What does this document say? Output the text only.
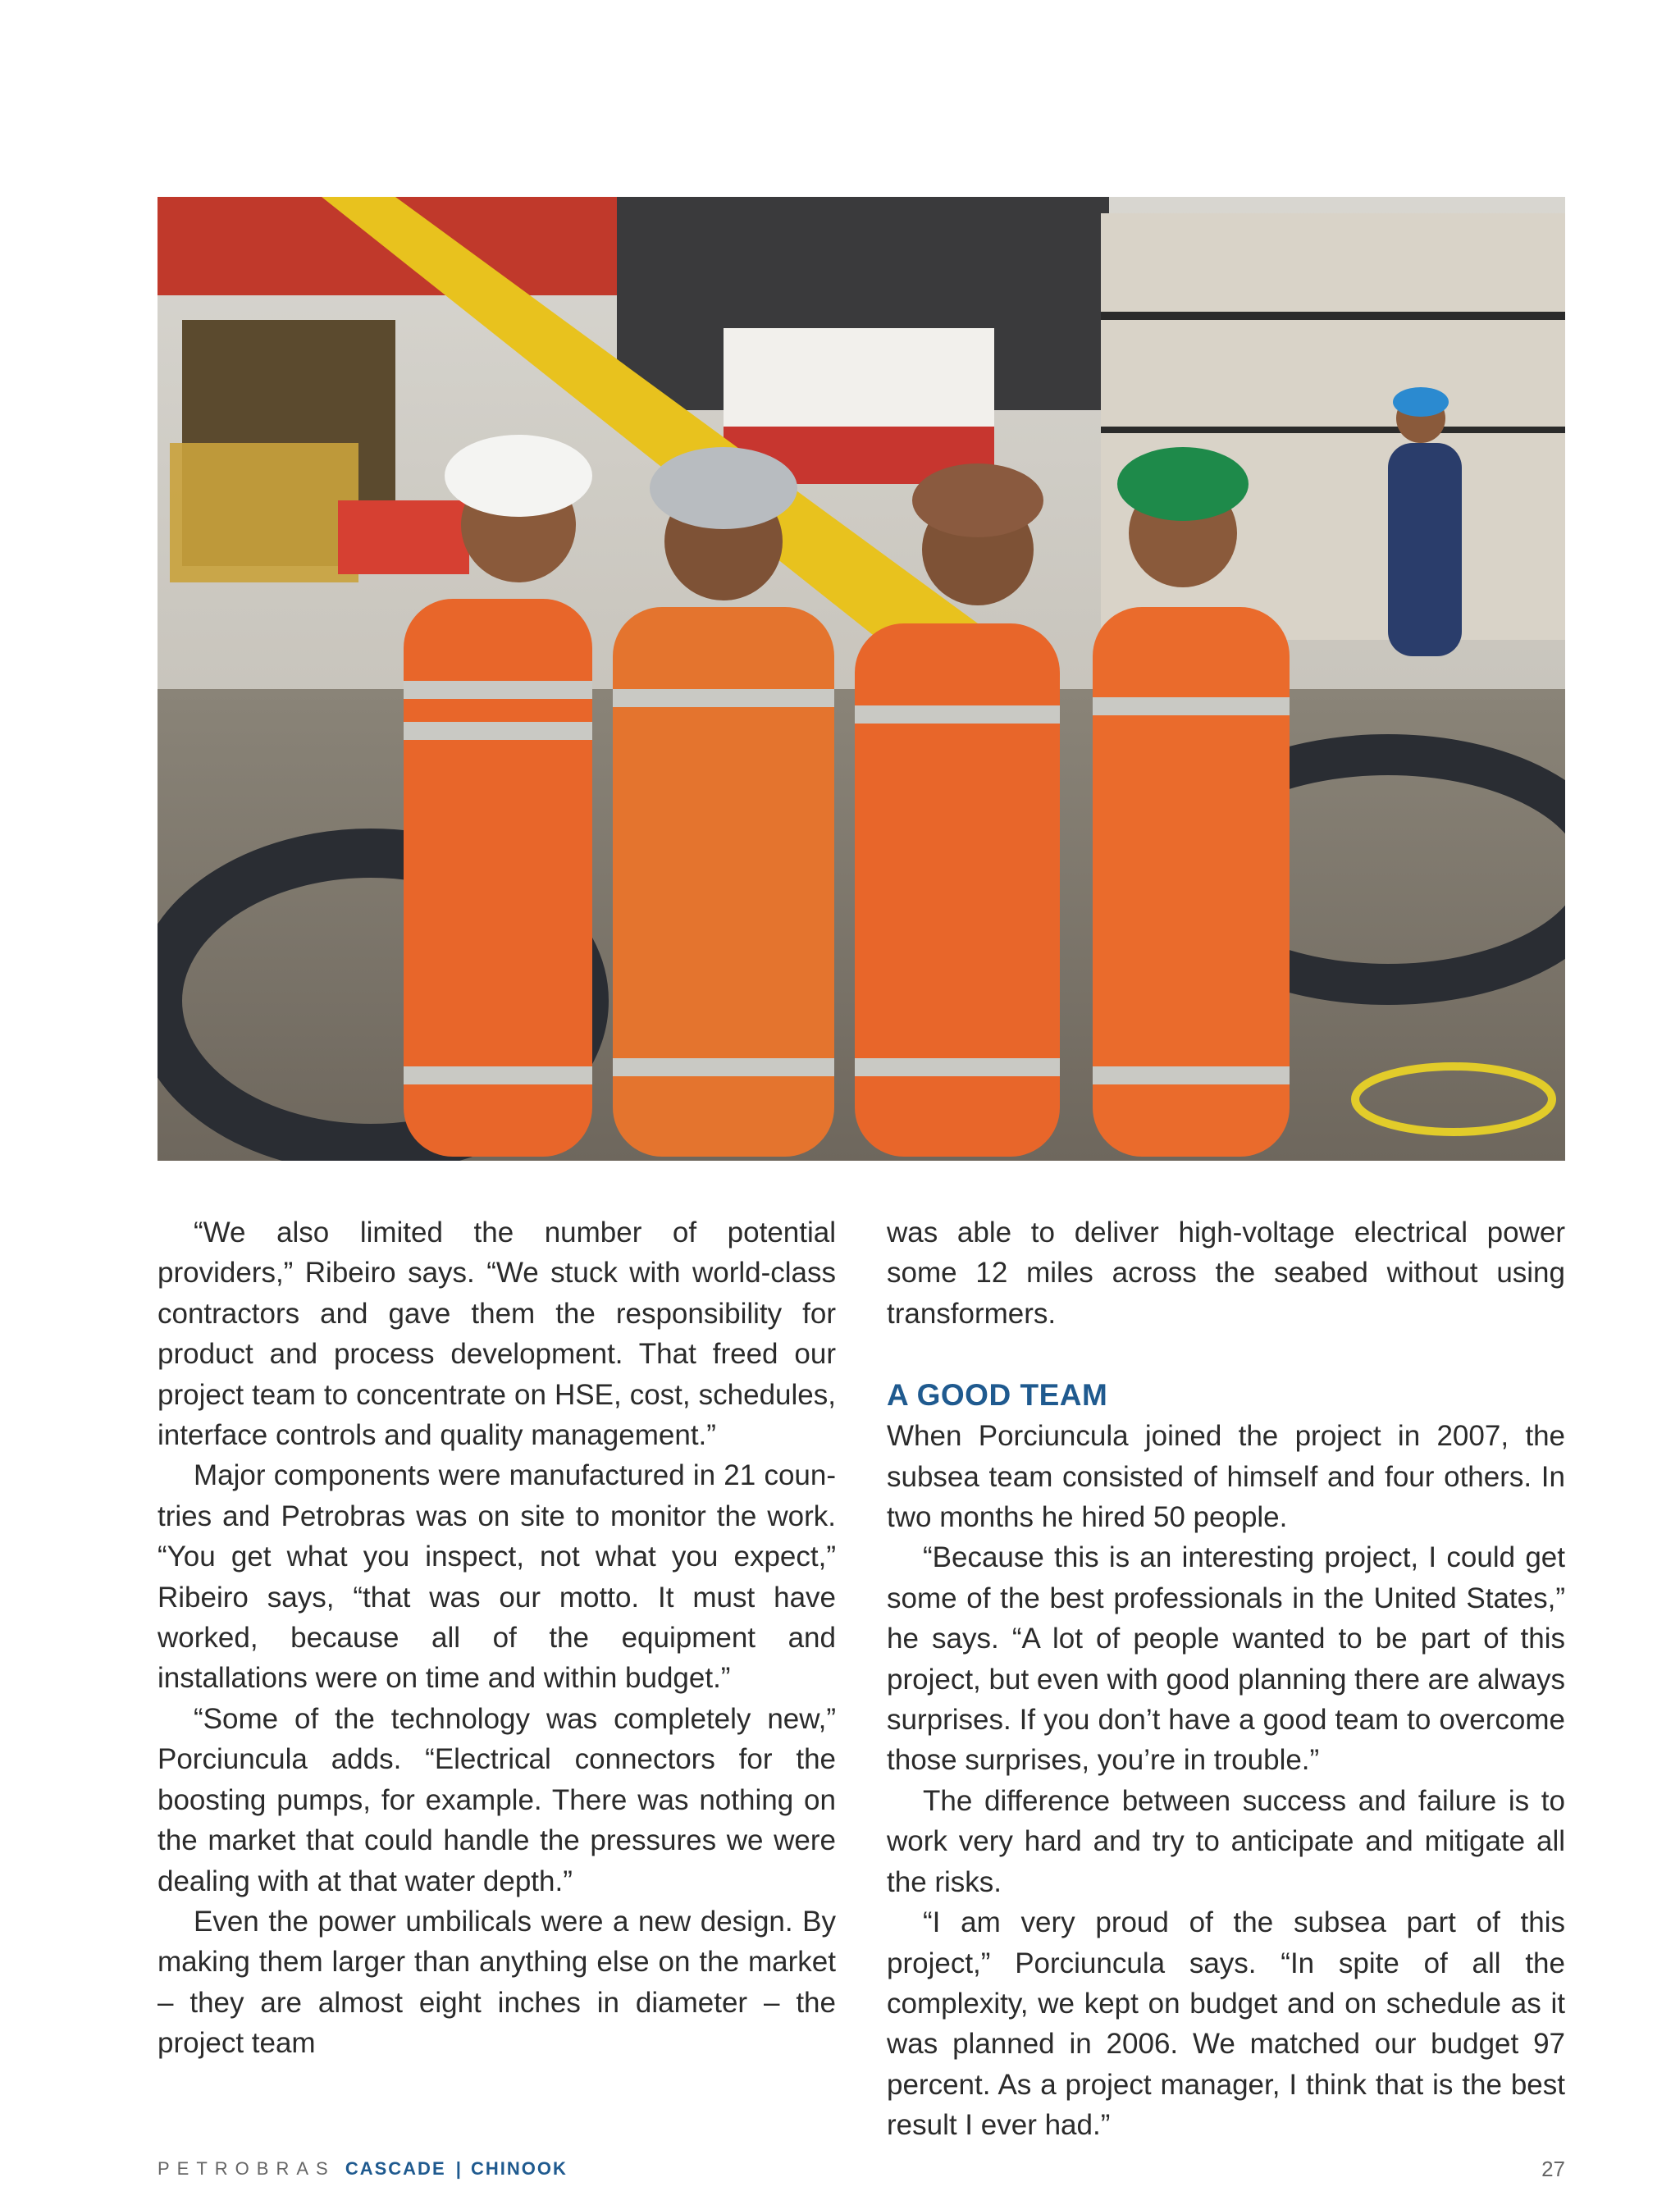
“We also limited the number of potential providers,” Ribeiro says. “We stuck with world-class contractors and gave them the responsibility for product and process development. That freed our project team to concentrate on HSE, cost, schedules, interface controls and quality management.”

Major components were manufactured in 21 countries and Petrobras was on site to monitor the work. “You get what you inspect, not what you expect,” Ribeiro says, “that was our motto. It must have worked, because all of the equipment and installations were on time and within budget.”

“Some of the technology was completely new,” Porciuncula adds. “Electrical connectors for the boosting pumps, for example. There was nothing on the market that could handle the pressures we were dealing with at that water depth.”

Even the power umbilicals were a new design. By making them larger than anything else on the market – they are almost eight inches in diameter – the project team

was able to deliver high-voltage electrical power some 12 miles across the seabed without using transformers.

A GOOD TEAM

When Porciuncula joined the project in 2007, the subsea team consisted of himself and four others. In two months he hired 50 people.

“Because this is an interesting project, I could get some of the best professionals in the United States,” he says. “A lot of people wanted to be part of this project, but even with good planning there are always surprises. If you don’t have a good team to overcome those surprises, you’re in trouble.”

The difference between success and failure is to work very hard and try to anticipate and mitigate all the risks.

“I am very proud of the subsea part of this project,” Porciuncula says. “In spite of all the complexity, we kept on budget and on schedule as it was planned in 2006. We matched our budget 97 percent. As a project manager, I think that is the best result I ever had.”

PETROBRAS CASCADE | CHINOOK	27
